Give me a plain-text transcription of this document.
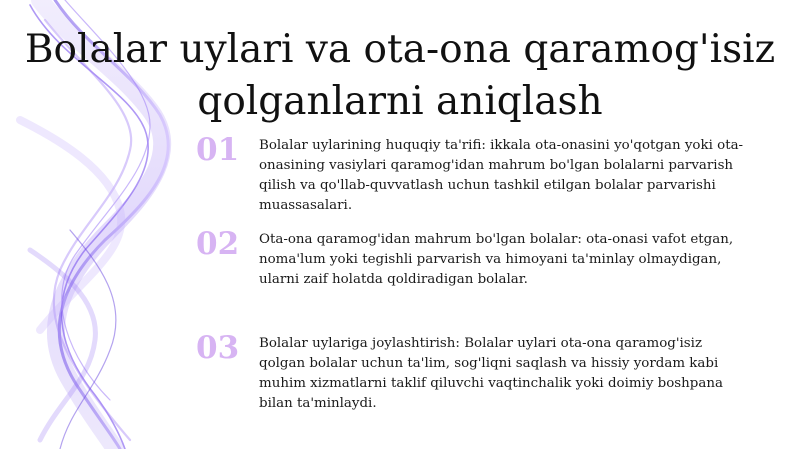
Bolalar uylari va ota-ona qaramog'isiz qolganlarni aniqlash
01	Bolalar uylarining huquqiy ta'rifi: ikkala ota-onasini yo'qotgan yoki ota-onasining vasiylari qaramog'idan mahrum bo'lgan bolalarni parvarish qilish va qo'llab-quvvatlash uchun tashkil etilgan bolalar parvarishi muassasalari.

02	Ota-ona qaramog'idan mahrum bo'lgan bolalar: ota-onasi vafot etgan, noma'lum yoki tegishli parvarish va himoyani ta'minlay olmaydigan, ularni zaif holatda qoldiradigan bolalar.

03	Bolalar uylariga joylashtirish: Bolalar uylari ota-ona qaramog'isiz qolgan bolalar uchun ta'lim, sog'liqni saqlash va hissiy yordam kabi muhim xizmatlarni taklif qiluvchi vaqtinchalik yoki doimiy boshpana bilan ta'minlaydi.
